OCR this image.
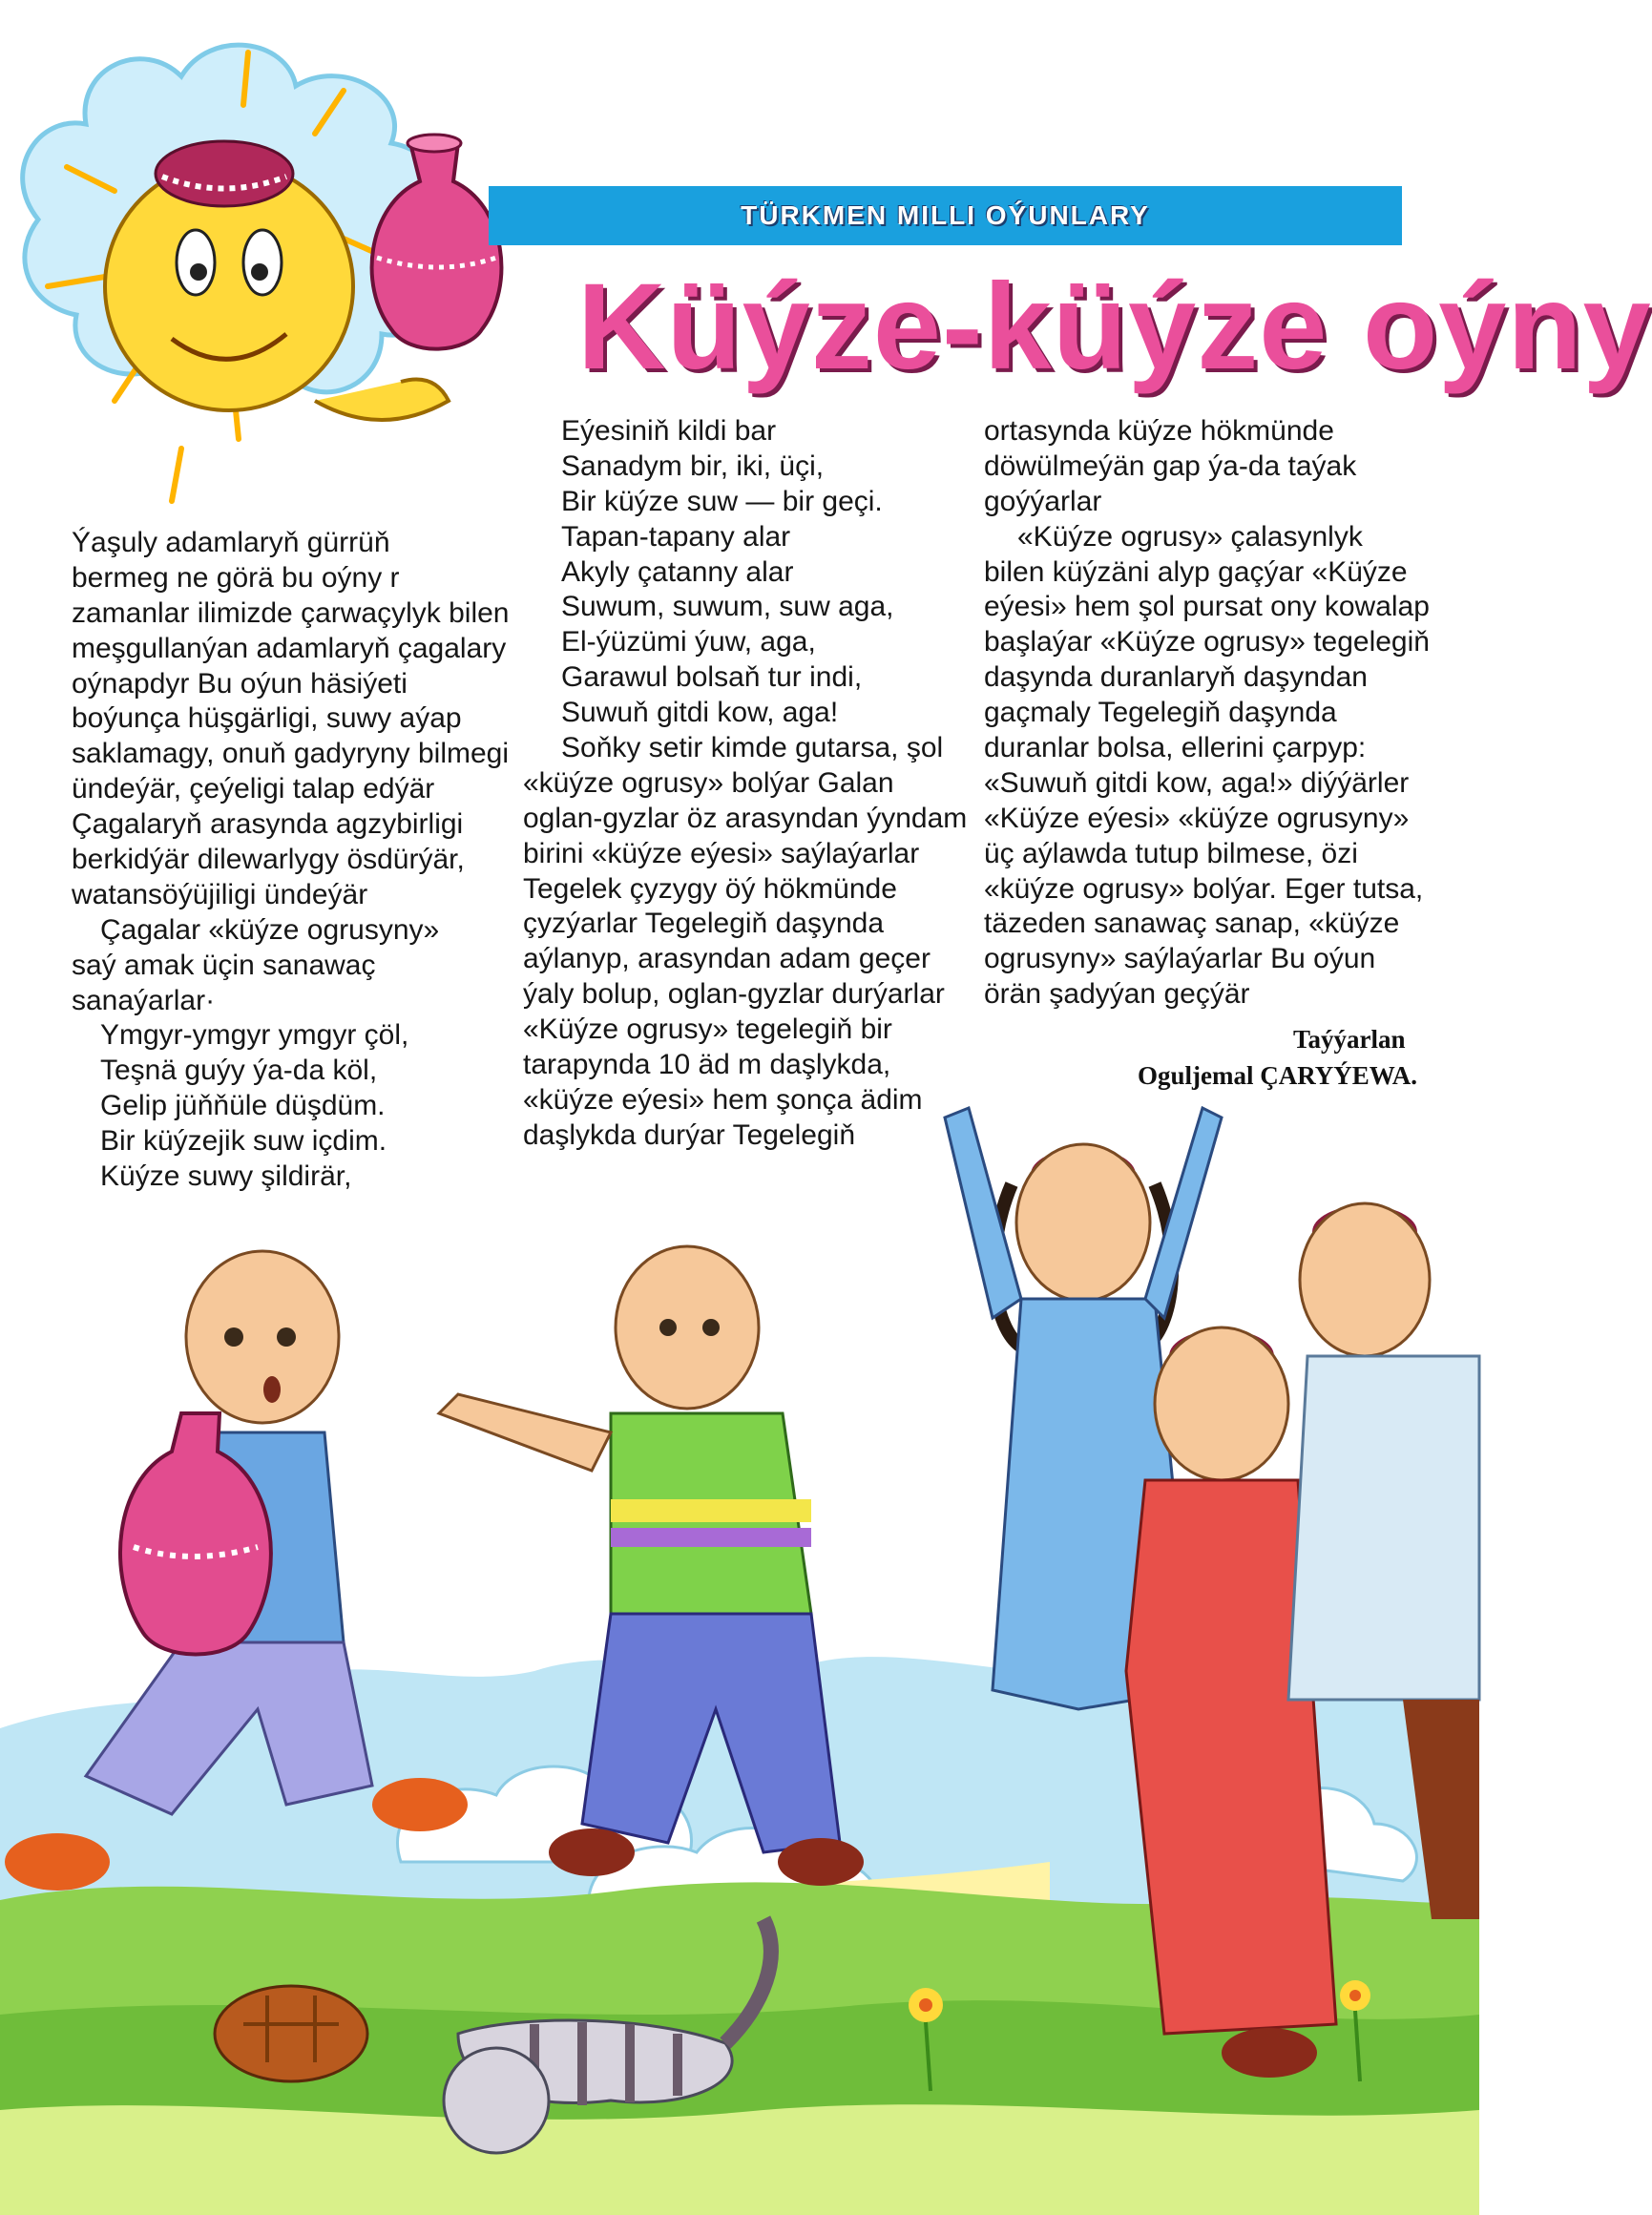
TÜRKMEN MILLI OÝUNLARY
Küýze-küýze oýny
Ýaşuly adamlaryň gürrüň
bermeg ne görä bu oýny r
zamanlar ilimizde çarwaçylyk bilen
meşgullanýan adamlaryň çagalary
oýnapdyr Bu oýun häsiýeti
boýunça hüşgärligi, suwy aýap
saklamagy, onuň gadyryny bilmegi
ündeýär, çeýeligi talap edýär
Çagalaryň arasynda agzybirligi
berkidýär dilewarlygy ösdürýär,
watansöýüjiligi ündeýär
Çagalar «küýze ogrusyny»
saý amak üçin sanawaç
sanaýarlar·
Ymgyr-ymgyr ymgyr çöl,
Teşnä guýy ýa-da köl,
Gelip jüňňüle düşdüm.
Bir küýzejik suw içdim.
Küýze suwy şildirär,
Eýesiniň kildi bar
Sanadym bir, iki, üçi,
Bir küýze suw — bir geçi.
Tapan-tapany alar
Akyly çatanny alar
Suwum, suwum, suw aga,
El-ýüzümi ýuw, aga,
Garawul bolsaň tur indi,
Suwuň gitdi kow, aga!
Soňky setir kimde gutarsa, şol
«küýze ogrusy» bolýar Galan
oglan-gyzlar öz arasyndan ýyndam
birini «küýze eýesi» saýlaýarlar
Tegelek çyzygy öý hökmünde
çyzýarlar Tegelegiň daşynda
aýlanyp, arasyndan adam geçer
ýaly bolup, oglan-gyzlar durýarlar
«Küýze ogrusy» tegelegiň bir
tarapynda 10 äd m daşlykda,
«küýze eýesi» hem şonça ädim
daşlykda durýar Tegelegiň
ortasynda küýze hökmünde
döwülmeýän gap ýa-da taýak
goýýarlar
«Küýze ogrusy» çalasynlyk
bilen küýzäni alyp gaçýar «Küýze
eýesi» hem şol pursat ony kowalap
başlaýar «Küýze ogrusy» tegelegiň
daşynda duranlaryň daşyndan
gaçmaly Tegelegiň daşynda
duranlar bolsa, ellerini çarpyp:
«Suwuň gitdi kow, aga!» diýýärler
«Küýze eýesi» «küýze ogrusyny»
üç aýlawda tutup bilmese, özi
«küýze ogrusy» bolýar. Eger tutsa,
täzeden sanawaç sanap, «küýze
ogrusyny» saýlaýarlar Bu oýun
örän şadyýan geçýär
Taýýarlan
Oguljemal ÇARYÝEWA.
